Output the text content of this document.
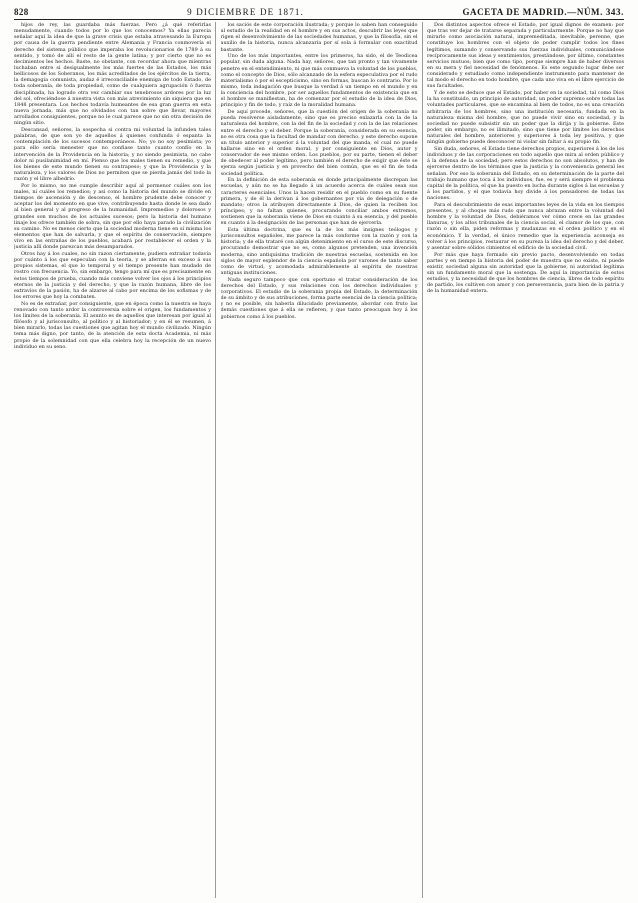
828	9 DICIEMBRE DE 1871.	GACETA DE MADRID.—NÚM. 343.

hijos de rey, las guardaba más fuerzas. Pero ¿á qué referirlas menudamente, cuando todos por lo que los conocemos? Ya ellas parecia señalar aquí la idea de que la grave crisis que estaba atravesando la Europa por causa de la guerra pendiente entre Alemania y Francia conmovería el derecho del sistema público que imperaba los revolucionarios de 1789 á su sentido, y tomó de allí el resto de la gente latina; y por cierto que no es decimientos les hechos. Baste, no obstante, con recordar ahora que mientras luchaban entre sí desigualmente los más fuertes de las Estados, los más bellicosos de los Soberanos, los más acreditados de los ejércitos de la tierra, la demagogia comunista, audaz é irreconciliable enemiga de todo Estado, de toda soberanía, de toda propiedad, como de cualquiera agrupación ó fuerza disciplinada, ha logrado otra vez cambiar sus tenebrosos ardores por la luz del sol, ofreciéndose á nuestra vista con más atrevimiento sin siquiera que en 1848 presentara. Los hechos todavía humeantes de esa gran guerra en esta nueva jornada, más que no olvidados con tan sobre que llevar, mayores arrollados consiguientes, porque no le cual parece que no sin otra decisión de ningún sitio.

Descansad, señores, la sospecha si contra mi voluntad la infunden tales palabras, de que son yo de aquellos á quienes confunda ó espanta la contemplación de los sucesos contemporáneos. No; yo no soy pesimista; yo para ello sería menester que no confiase tanto cuanto confío en la intervención de la Providencia en la historia; y no siendo pesimista, no cabe dolor ni pusilanimidad en mí. Pienso que los males tienen su remedio, y que los bienes de este mundo tienen su contrapeso; y que la Providencia y la naturaleza, y los valores de Dios no permiten que se pierda jamás del todo la razón y el libre albedrío.

Por lo mismo, no me cumple describir aquí al pormenor cuáles son los males, ni cuáles los remedios; y así como la historia del mundo se divide en tiempos de ascensión y de descenso, el hombre prudente debe conocer y aceptar los del momento en que vive, contribuyendo hasta donde le sea dado al bien general y al progreso de la humanidad. Impremedios y dolorosos y grandes son muchos de los actuales sucesos; pero la historia del humano linaje los ofrece también de sobra, sin que por ello haya parado la civilización su camino. No es menos cierto que la sociedad moderna tiene en sí misma los elementos que han de salvarla, y que el espíritu de conservación, siempre vivo en las entrañas de los pueblos, acabará por restablecer el orden y la justicia allí donde parezcan más desamparados.

Otros hay á los cuales, no sin razon ciertamente, pudiera extrañar todavía por cuánto á los que especulan con la teoría, y se aferran en exceso á sus propios sistemas, el que lo temporal y el tiempo presente han mudado de rostro con frecuencia. Yo, sin embargo, tengo para mí que es precisamente en estos tiempos de prueba, cuando más conviene volver los ojos á los principios eternos de la justicia y del derecho, y que la razón humana, libre de los extravíos de la pasión, ha de alzarse al cabo por encima de los sofismas y de los errores que hoy la combaten.

No es de extrañar, por consiguiente, que en época como la nuestra se haya renovado con tanto ardor la controversia sobre el origen, los fundamentos y los límites de la soberanía. El asunto es de aquellos que interesan por igual al filósofo y al jurisconsulto, al político y al historiador; y en él se resumen, á bien mirarlo, todas las cuestiones que agitan hoy el mundo civilizado. Ningún tema más digno, por tanto, de la atención de esta docta Academia, ni más propio de la solemnidad con que ella celebra hoy la recepción de un nuevo individuo en su seno.

los saciós de este corporación ilustrada; y porque lo saben han conseguido al estudio de la realidad en el hombre y en sus actos, descubrir las leyes que rigen el desenvolvimiento de las sociedades humanas, y que la filosofía, sin el auxilio de la historia, nunca alcanzaría por sí sola á formular con exactitud bastante.

Uno de los más importantes, entre los primeros, ha sido, el de Teodicea popular, sin duda alguna. Nada hay, señores, que tan pronto y tan vivamente penetre en el entendimiento, ni que más conmueva la voluntad de los pueblos, como el concepto de Dios, sólo alcanzado de la esfera especulativa por el rudo materialismo ó por el escepticismo, sino en formas, buscan lo contrario. Por lo mismo, toda indagación que busque la verdad á un tiempo en el mundo y en la conciencia del hombre, por ser aquellos fundamentos de existencia que en el hombre se manifiestan, ha de comenzar por el estudio de la idea de Dios, principio y fin de todo, y raíz de la moralidad humana.

De aquí procede, señores, que la cuestión del origen de la soberanía no pueda resolverse aisladamente, sino que es preciso enlazarla con la de la naturaleza del hombre, con la del fin de la sociedad y con la de las relaciones entre el derecho y el deber. Porque la soberanía, considerada en su esencia, no es otra cosa que la facultad de mandar con derecho, y este derecho supone un título anterior y superior á la voluntad del que manda, el cual no puede hallarse sino en el orden moral, y por consiguiente en Dios, autor y conservador de ese mismo orden. Los pueblos, por su parte, tienen el deber de obedecer al poder legítimo, pero también el derecho de exigir que éste se ejerza según justicia y en provecho del bien común, que es el fin de toda sociedad política.

En la definición de esta soberanía es donde principalmente discrepan las escuelas, y aún no se ha llegado á un acuerdo acerca de cuáles sean sus caracteres esenciales. Unos la hacen residir en el pueblo como en su fuente primera, y de él la derivan á los gobernantes por vía de delegación o de mandato; otros la atribuyen directamente á Dios, de quien la reciben los príncipes; y no faltan quienes, procurando conciliar ambos extremos, sostienen que la soberanía viene de Dios en cuanto á su esencia, y del pueblo en cuanto á la designación de las personas que han de ejercerla.

Esta última doctrina, que es la de los más insignes teólogos y jurisconsultos españoles, me parece la más conforme con la razón y con la historia; y de ella trataré con algún detenimiento en el curso de este discurso, procurando demostrar que no es, como algunos pretenden, una invención moderna, sino antiquísima tradición de nuestras escuelas, sostenida en los siglos de mayor esplendor de la ciencia española por varones de tanto saber como de virtud, y acomodada admirablemente al espíritu de nuestras antiguas instituciones.

Nada seguro tampoco que con oportuno el tratar consideración de los derechos del Estado, y sus relaciones con los derechos individuales y corporativos. El estudio de la soberanía propia del Estado, la determinación de su ámbito y de sus atribuciones, forma parte esencial de la ciencia política; y no es posible, sin haberla dilucidado previamente, abordar con fruto las demás cuestiones que á ella se refieren, y que tanto preocupan hoy á los gobiernos como á los pueblos.

Dos distintos aspectos ofrece el Estado, por igual dignos de examen: por que tras ver dejar de tratarse separada y particularmente. Porque no hay que mirarlo como asociación natural, impremeditada, inevitable, perenne, que constituye los hombres con el objeto de poder cumplir todos los fines legítimos, sumando y conservando sus fuerzas individuales, comunicándose recíprocamente sus ideas y sentimientos, prestándose, por último, constantes servicios mutuos; bien que como tipo, porque siempre han de haber diversos en su mera y fiel necesidad de fenómenos. Es este segundo lugar debe ser considerado y estudiado como independiente instrumento para mantener de tal modo el derecho en todo hombre, que cada uno viva en el libre ejercicio de sus facultades.

Y de esto se deduce que el Estado, por haber en la sociedad, tal como Dios la ha constituido, un principio de autoridad, un poder supremo sobre todas las voluntades particulares, que se encamina al bien de todos, no es una creación arbitraria de los hombres, sino una institución necesaria, fundada en la naturaleza misma del hombre, que no puede vivir sino en sociedad, y la sociedad no puede subsistir sin un poder que la dirija y la gobierne. Este poder, sin embargo, no es ilimitado, sino que tiene por límites los derechos naturales del hombre, anteriores y superiores á toda ley positiva, y que ningún gobierno puede desconocer ni violar sin faltar á su propio fin.

Sin duda, señores, el Estado tiene derechos propios, superiores á los de los individuos y de las corporaciones en todo aquello que mira al orden público y á la defensa de la sociedad; pero estos derechos no son absolutos, y han de ejercerse dentro de los términos que la justicia y la conveniencia general les señalan. Por eso la soberanía del Estado, en su determinación de la parte del trabajo humano que toca á los individuos, fue, es y será siempre el problema capital de la política, el que ha puesto en lucha durante siglos á las escuelas y á los partidos, y el que todavía hoy divide á los pensadores de todas las naciones.

Para el descubrimiento de esas importantes leyes de la vida en los tiempos presentes, y al choque más rudo que nunca abrazan entre la voluntad del hombre y la voluntad de Dios, debiéramos ver cómo crece en las grandes llanuras, y los altos tribunales de la ciencia social, el clamor de los que, con razón o sin ella, piden reformas y mudanzas en el orden político y en el económico. Y la verdad, el único remedio que la experiencia aconseja es volver á los principios, restaurar en su pureza la idea del derecho y del deber, y asentar sobre sólidos cimientos el edificio de la sociedad civil.

Por más que haya formado sin previo pacto, desenvolviendo en todas partes y en tiempo la historia del poder de muestra que no existe, ni puede existir, sociedad alguna sin autoridad que la gobierne, ni autoridad legítima sin un fundamento moral que la sostenga. De aquí la importancia de estos estudios, y la necesidad de que los hombres de ciencia, libres de todo espíritu de partido, los cultiven con amor y con perseverancia, para bien de la patria y de la humanidad entera.
